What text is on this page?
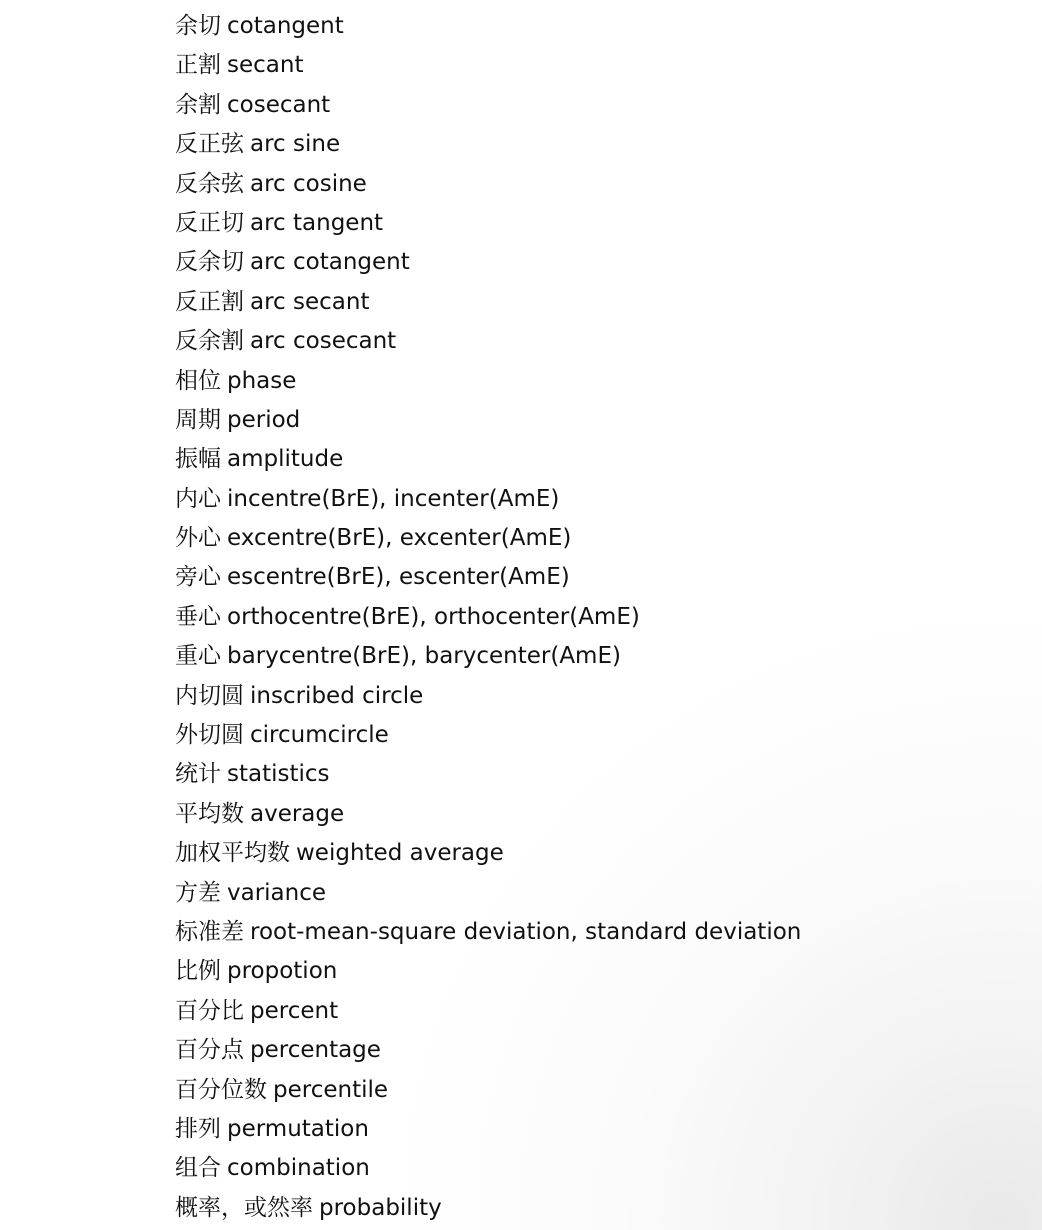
余切 cotangent
正割 secant
余割 cosecant
反正弦 arc sine
反余弦 arc cosine
反正切 arc tangent
反余切 arc cotangent
反正割 arc secant
反余割 arc cosecant
相位 phase
周期 period
振幅 amplitude
内心 incentre(BrE), incenter(AmE)
外心 excentre(BrE), excenter(AmE)
旁心 escentre(BrE), escenter(AmE)
垂心 orthocentre(BrE), orthocenter(AmE)
重心 barycentre(BrE), barycenter(AmE)
内切圆 inscribed circle
外切圆 circumcircle
统计 statistics
平均数 average
加权平均数 weighted average
方差 variance
标准差 root-mean-square deviation, standard deviation
比例 propotion
百分比 percent
百分点 percentage
百分位数 percentile
排列 permutation
组合 combination
概率，或然率 probability
